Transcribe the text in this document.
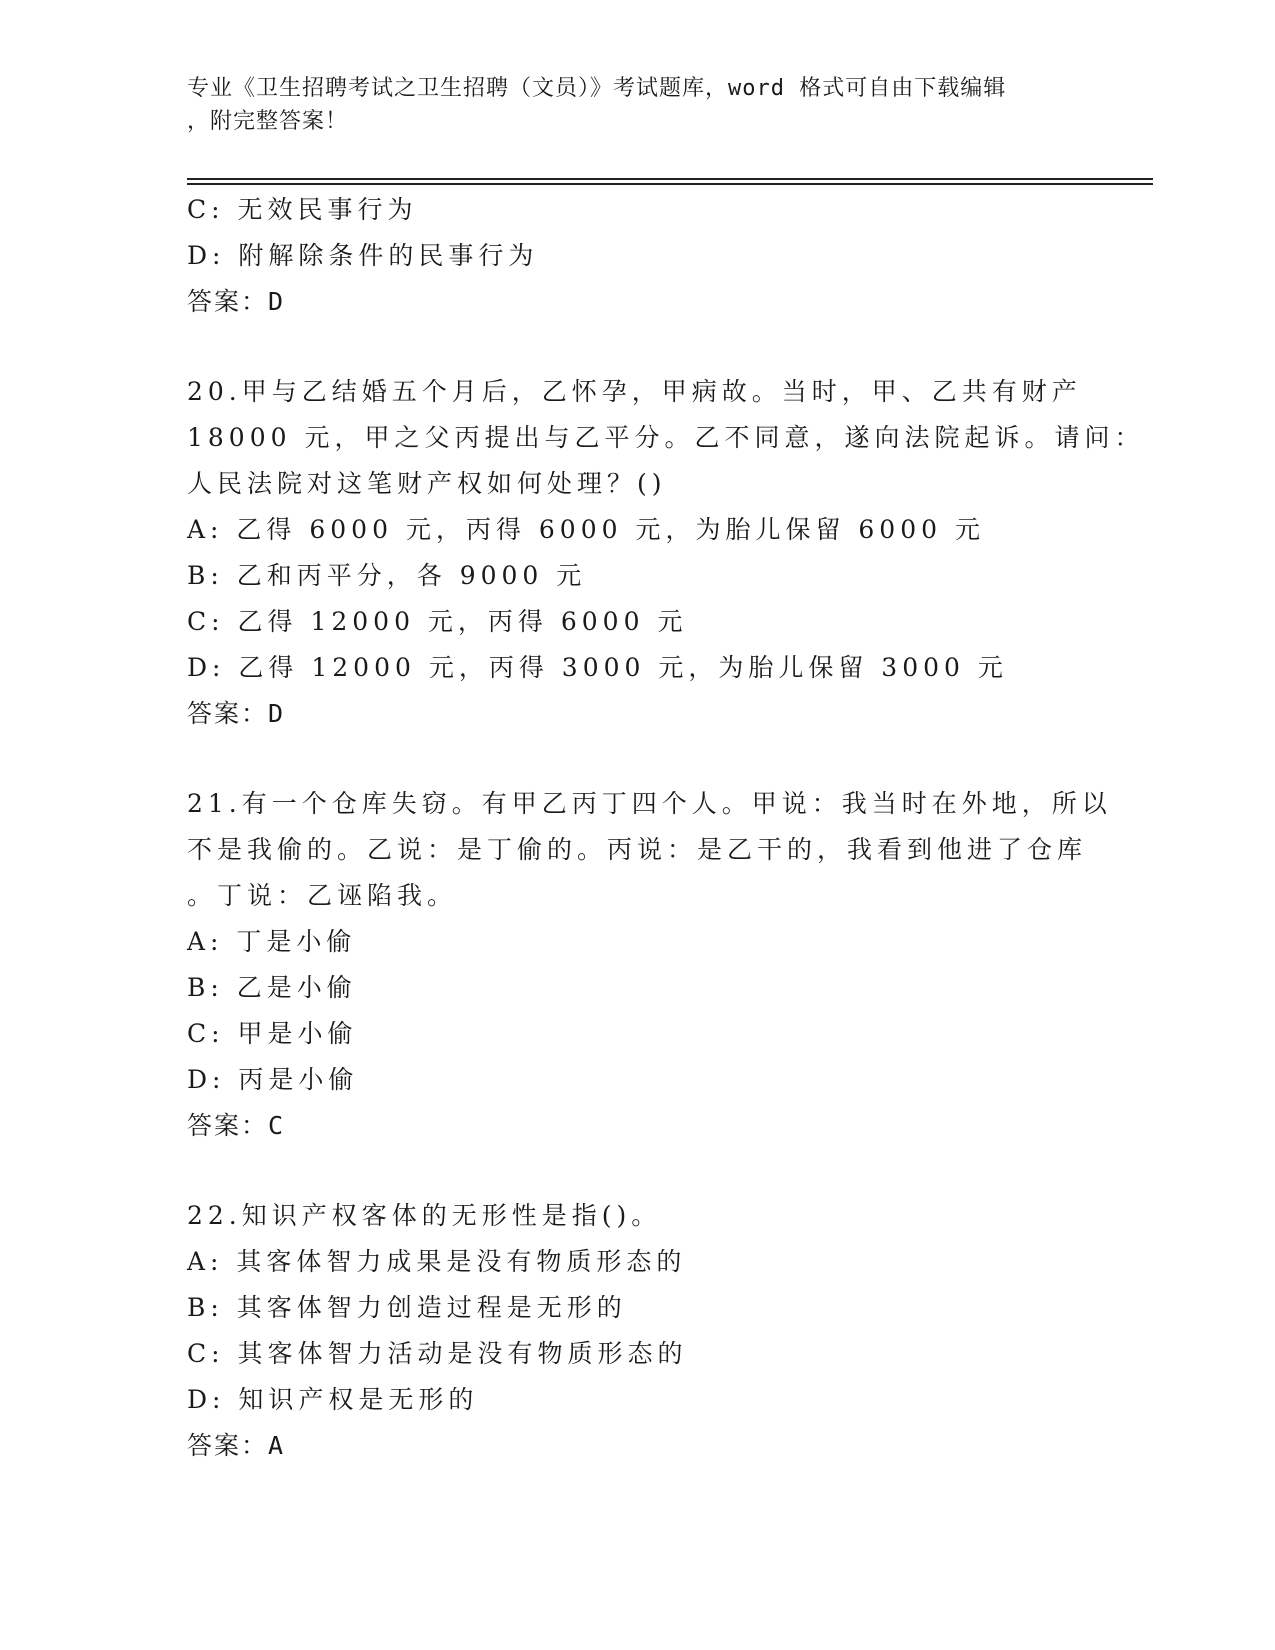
专业《卫生招聘考试之卫生招聘（文员）》考试题库，word 格式可自由下载编辑
，附完整答案！
C: 无效民事行为
D: 附解除条件的民事行为
答案：D
20.甲与乙结婚五个月后，乙怀孕，甲病故。当时，甲、乙共有财产
18000 元，甲之父丙提出与乙平分。乙不同意，遂向法院起诉。请问：
人民法院对这笔财产权如何处理？()
A: 乙得 6000 元，丙得 6000 元，为胎儿保留 6000 元
B: 乙和丙平分，各 9000 元
C: 乙得 12000 元，丙得 6000 元
D: 乙得 12000 元，丙得 3000 元，为胎儿保留 3000 元
答案：D
21.有一个仓库失窃。有甲乙丙丁四个人。甲说：我当时在外地，所以
不是我偷的。乙说：是丁偷的。丙说：是乙干的，我看到他进了仓库
。丁说：乙诬陷我。
A: 丁是小偷
B: 乙是小偷
C: 甲是小偷
D: 丙是小偷
答案：C
22.知识产权客体的无形性是指()。
A: 其客体智力成果是没有物质形态的
B: 其客体智力创造过程是无形的
C: 其客体智力活动是没有物质形态的
D: 知识产权是无形的
答案：A
